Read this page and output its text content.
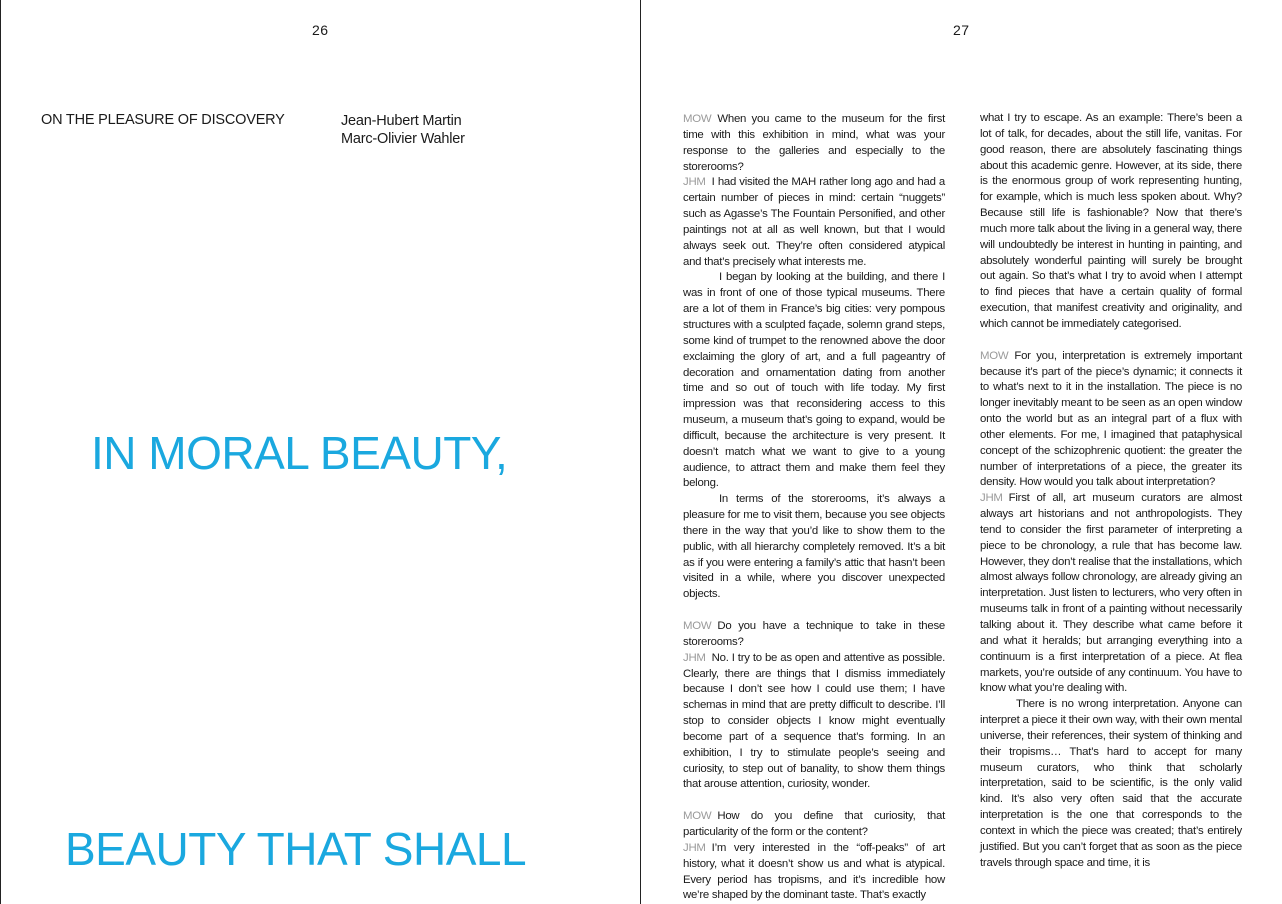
26
ON THE PLEASURE OF DISCOVERY	Jean-Hubert Martin
Marc-Olivier Wahler
IN MORAL BEAUTY,
BEAUTY THAT SHALL
27

MOW When you came to the museum for the first time with this exhibition in mind, what was your response to the galleries and especially to the storerooms?

JHM I had visited the MAH rather long ago and had a certain number of pieces in mind: certain “nuggets” such as Agasse’s The Fountain Personified, and other paintings not at all as well known, but that I would always seek out. They’re often considered atypical and that’s precisely what interests me.

I began by looking at the building, and there I was in front of one of those typical museums. There are a lot of them in France’s big cities: very pompous structures with a sculpted façade, solemn grand steps, some kind of trumpet to the renowned above the door exclaiming the glory of art, and a full pageantry of decoration and ornamentation dating from another time and so out of touch with life today. My first impression was that reconsidering access to this museum, a museum that’s going to expand, would be difficult, because the architecture is very present. It doesn’t match what we want to give to a young audience, to attract them and make them feel they belong.

In terms of the storerooms, it’s always a pleasure for me to visit them, because you see objects there in the way that you’d like to show them to the public, with all hierarchy completely removed. It’s a bit as if you were entering a family’s attic that hasn’t been visited in a while, where you discover unexpected objects.

MOW Do you have a technique to take in these storerooms?

JHM No. I try to be as open and attentive as possible. Clearly, there are things that I dismiss immediately because I don’t see how I could use them; I have schemas in mind that are pretty difficult to describe. I’ll stop to consider objects I know might eventually become part of a sequence that’s forming. In an exhibition, I try to stimulate people’s seeing and curiosity, to step out of banality, to show them things that arouse attention, curiosity, wonder.

MOW How do you define that curiosity, that particularity of the form or the content?

JHM I’m very interested in the “off-peaks” of art history, what it doesn’t show us and what is atypical. Every period has tropisms, and it’s incredible how we’re shaped by the dominant taste. That’s exactly

what I try to escape. As an example: There’s been a lot of talk, for decades, about the still life, vanitas. For good reason, there are absolutely fascinating things about this academic genre. However, at its side, there is the enormous group of work representing hunting, for example, which is much less spoken about. Why? Because still life is fashionable? Now that there’s much more talk about the living in a general way, there will undoubtedly be interest in hunting in painting, and absolutely wonderful painting will surely be brought out again. So that’s what I try to avoid when I attempt to find pieces that have a certain quality of formal execution, that manifest creativity and originality, and which cannot be immediately categorised.

MOW For you, interpretation is extremely important because it’s part of the piece’s dynamic; it connects it to what’s next to it in the installation. The piece is no longer inevitably meant to be seen as an open window onto the world but as an integral part of a flux with other elements. For me, I imagined that pataphysical concept of the schizophrenic quotient: the greater the number of interpretations of a piece, the greater its density. How would you talk about interpretation?

JHM First of all, art museum curators are almost always art historians and not anthropologists. They tend to consider the first parameter of interpreting a piece to be chronology, a rule that has become law. However, they don’t realise that the installations, which almost always follow chronology, are already giving an interpretation. Just listen to lecturers, who very often in museums talk in front of a painting without necessarily talking about it. They describe what came before it and what it heralds; but arranging everything into a continuum is a first interpretation of a piece. At flea markets, you’re outside of any continuum. You have to know what you’re dealing with.

There is no wrong interpretation. Anyone can interpret a piece it their own way, with their own mental universe, their references, their system of thinking and their tropisms… That’s hard to accept for many museum curators, who think that scholarly interpretation, said to be scientific, is the only valid kind. It’s also very often said that the accurate interpretation is the one that corresponds to the context in which the piece was created; that’s entirely justified. But you can’t forget that as soon as the piece travels through space and time, it is
